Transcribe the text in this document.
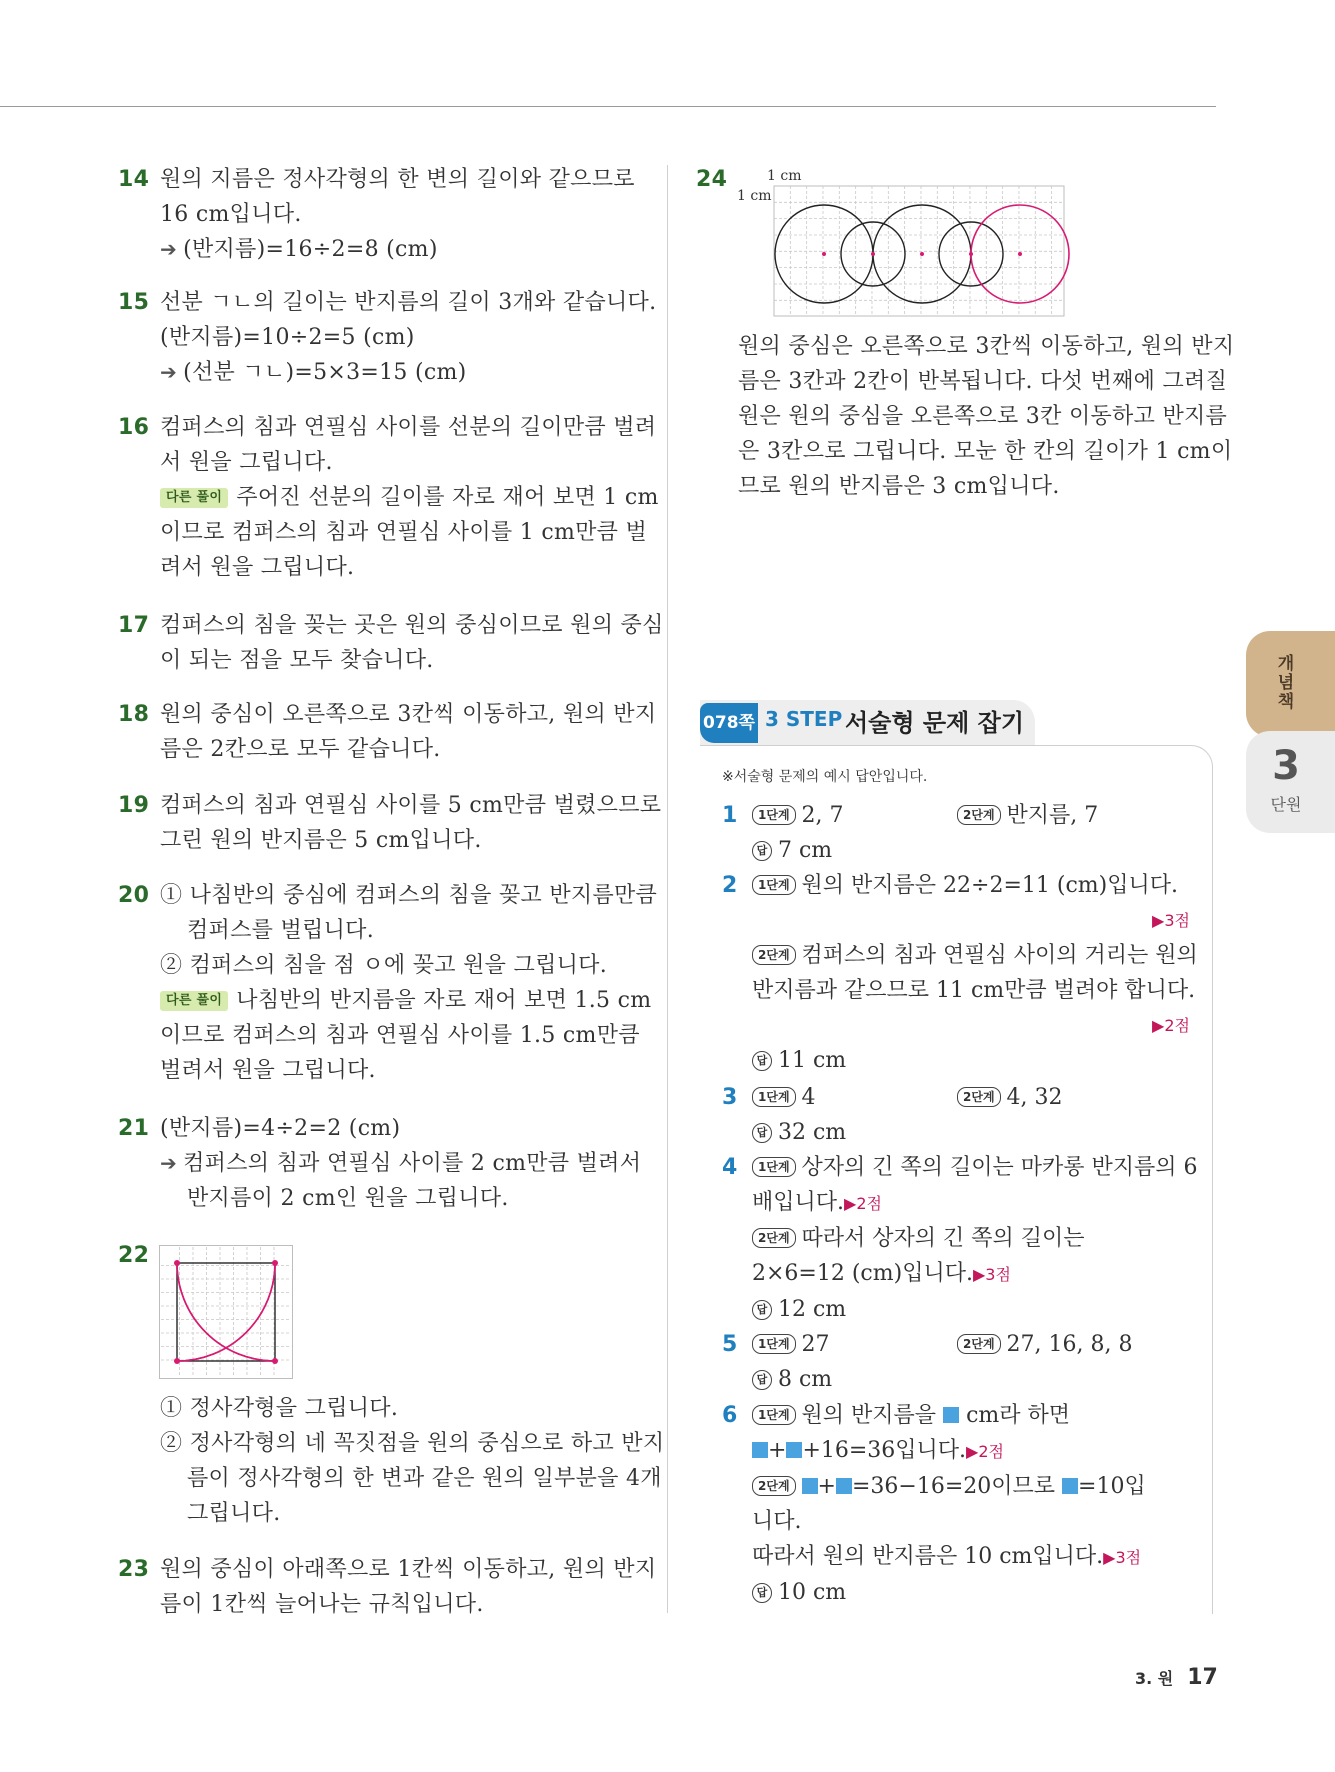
14 원의 지름은 정사각형의 한 변의 길이와 같으므로
16 cm입니다.
➔ (반지름)=16÷2=8 (cm)
15 선분 ㄱㄴ의 길이는 반지름의 길이 3개와 같습니다.
(반지름)=10÷2=5 (cm)
➔ (선분 ㄱㄴ)=5×3=15 (cm)
16 컴퍼스의 침과 연필심 사이를 선분의 길이만큼 벌려
서 원을 그립니다.
다른 풀이 주어진 선분의 길이를 자로 재어 보면 1 cm
이므로 컴퍼스의 침과 연필심 사이를 1 cm만큼 벌
려서 원을 그립니다.
17 컴퍼스의 침을 꽂는 곳은 원의 중심이므로 원의 중심
이 되는 점을 모두 찾습니다.
18 원의 중심이 오른쪽으로 3칸씩 이동하고, 원의 반지
름은 2칸으로 모두 같습니다.
19 컴퍼스의 침과 연필심 사이를 5 cm만큼 벌렸으므로
그린 원의 반지름은 5 cm입니다.
20 ① 나침반의 중심에 컴퍼스의 침을 꽂고 반지름만큼
컴퍼스를 벌립니다.
② 컴퍼스의 침을 점 ㅇ에 꽂고 원을 그립니다.
다른 풀이 나침반의 반지름을 자로 재어 보면 1.5 cm
이므로 컴퍼스의 침과 연필심 사이를 1.5 cm만큼
벌려서 원을 그립니다.
21 (반지름)=4÷2=2 (cm)
➔ 컴퍼스의 침과 연필심 사이를 2 cm만큼 벌려서
반지름이 2 cm인 원을 그립니다.
22
① 정사각형을 그립니다.
② 정사각형의 네 꼭짓점을 원의 중심으로 하고 반지
름이 정사각형의 한 변과 같은 원의 일부분을 4개
그립니다.
23 원의 중심이 아래쪽으로 1칸씩 이동하고, 원의 반지
름이 1칸씩 늘어나는 규칙입니다.
24	1 cm
1 cm
원의 중심은 오른쪽으로 3칸씩 이동하고, 원의 반지
름은 3칸과 2칸이 반복됩니다. 다섯 번째에 그려질
원은 원의 중심을 오른쪽으로 3칸 이동하고 반지름
은 3칸으로 그립니다. 모눈 한 칸의 길이가 1 cm이
므로 원의 반지름은 3 cm입니다.
078쪽 3 STEP 서술형 문제 잡기
※서술형 문제의 예시 답안입니다.
1	1단계 2, 7	2단계 반지름, 7
답 7 cm
2	1단계 원의 반지름은 22÷2=11 (cm)입니다.
▶3점
2단계 컴퍼스의 침과 연필심 사이의 거리는 원의
반지름과 같으므로 11 cm만큼 벌려야 합니다.
▶2점
답 11 cm
3	1단계 4	2단계 4, 32
답 32 cm
4	1단계 상자의 긴 쪽의 길이는 마카롱 반지름의 6
배입니다.▶2점
2단계 따라서 상자의 긴 쪽의 길이는
2×6=12 (cm)입니다.▶3점
답 12 cm
5	1단계 27	2단계 27, 16, 8, 8
답 8 cm
6	1단계 원의 반지름을 cm라 하면
+ +16=36입니다.▶2점
2단계 + =36−16=20이므로 =10입
니다.
따라서 원의 반지름은 10 cm입니다.▶3점
답 10 cm
개념책
3
단원
3. 원 17
